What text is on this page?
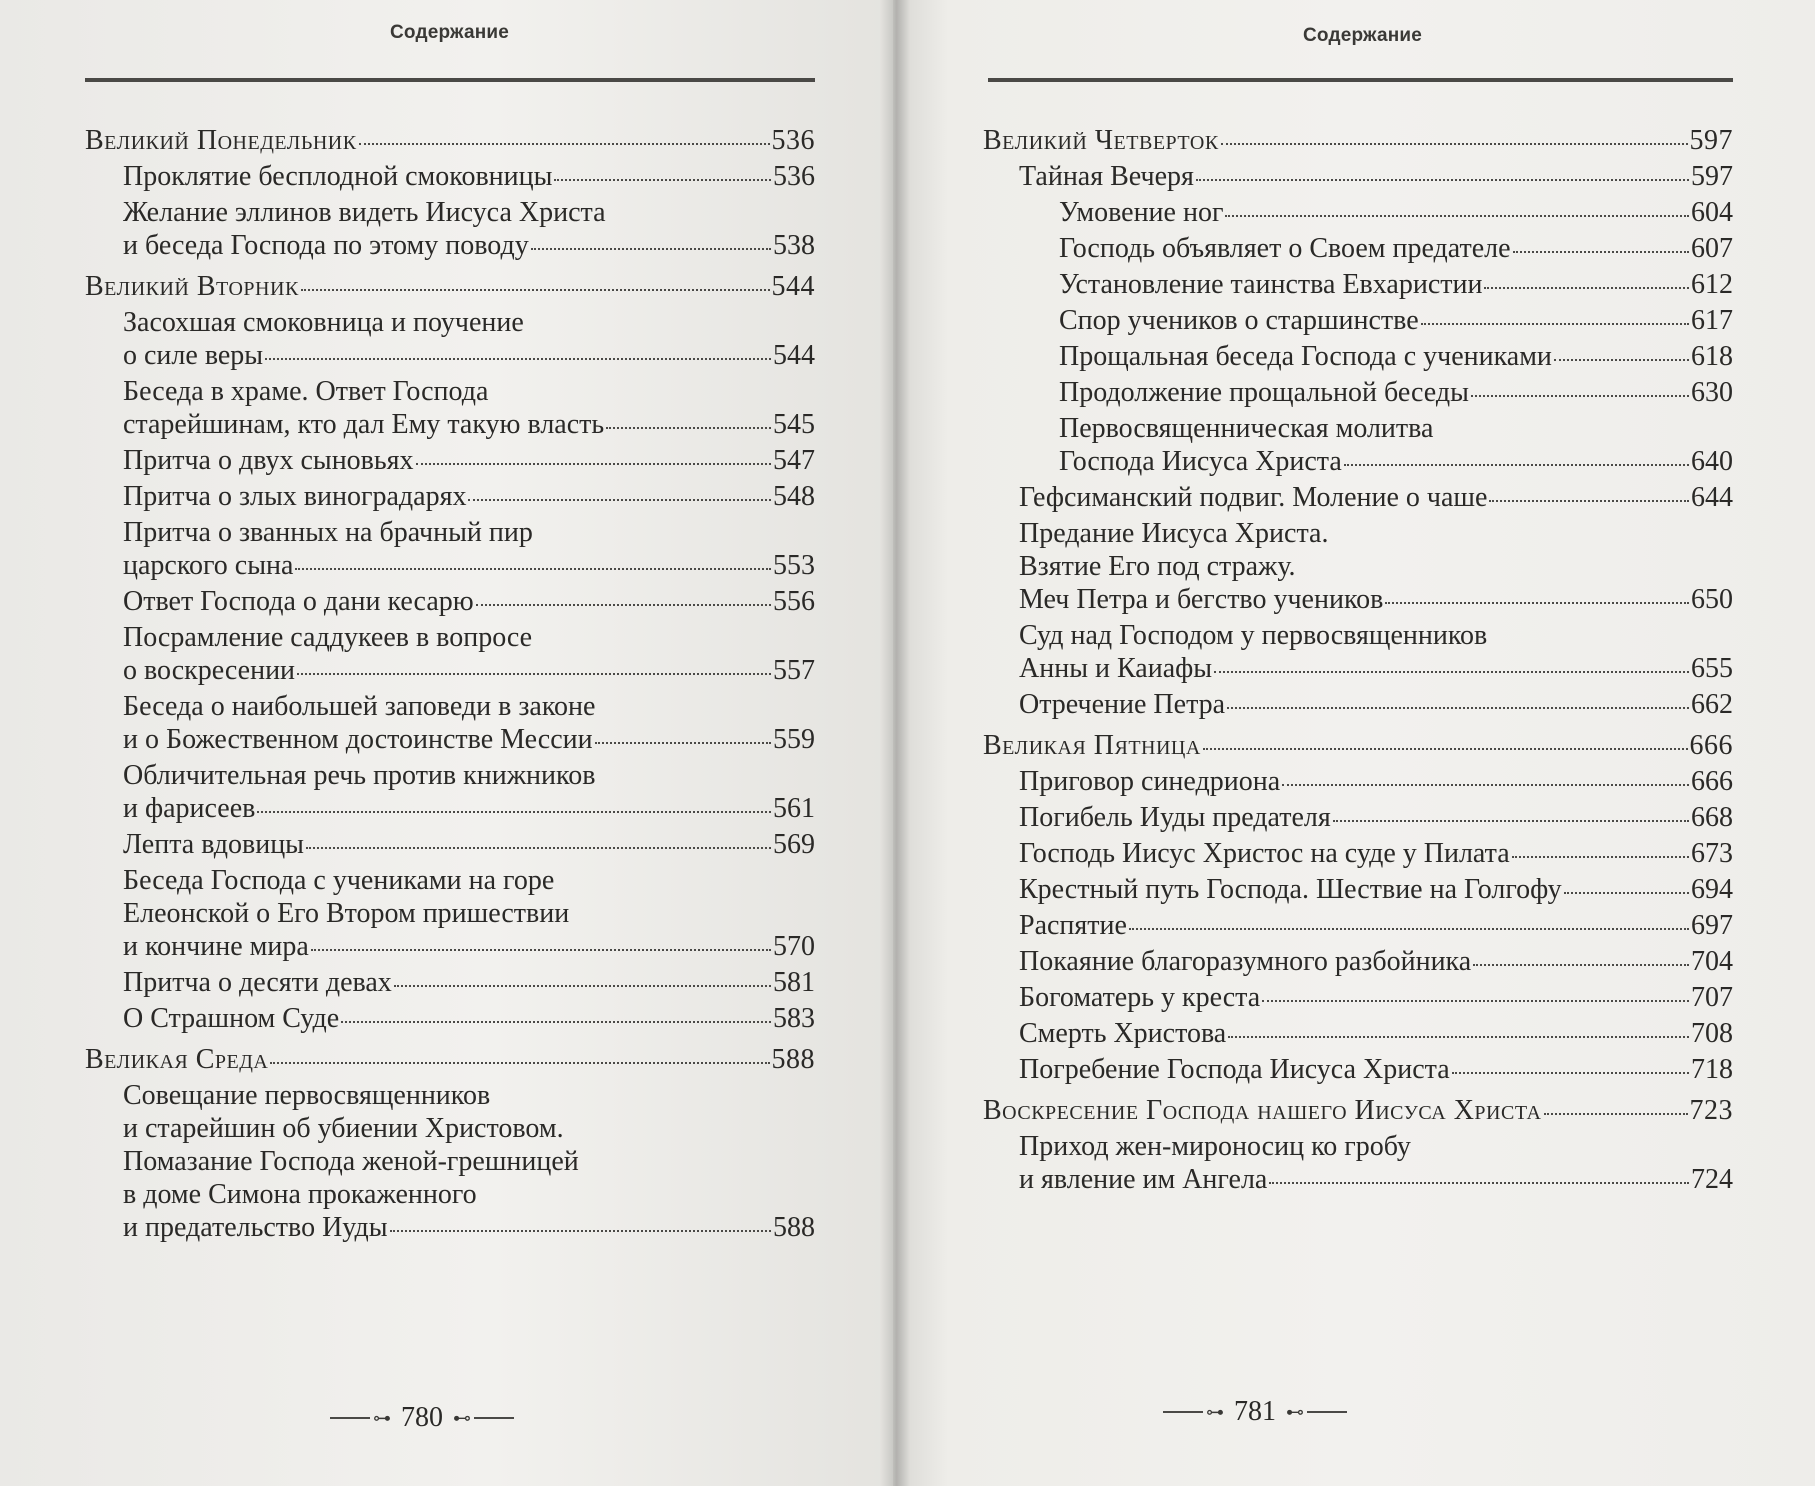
Содержание
Великий Понедельник	536
Проклятие бесплодной смоковницы	536
Желание эллинов видеть Иисуса Христа
и беседа Господа по этому поводу	538
Великий Вторник	544
Засохшая смоковница и поучение
о силе веры	544
Беседа в храме. Ответ Господа
старейшинам, кто дал Ему такую власть	545
Притча о двух сыновьях	547
Притча о злых виноградарях	548
Притча о званных на брачный пир
царского сына	553
Ответ Господа о дани кесарю	556
Посрамление саддукеев в вопросе
о воскресении	557
Беседа о наибольшей заповеди в законе
и о Божественном достоинстве Мессии	559
Обличительная речь против книжников
и фарисеев	561
Лепта вдовицы	569
Беседа Господа с учениками на горе
Елеонской о Его Втором пришествии
и кончине мира	570
Притча о десяти девах	581
О Страшном Суде	583
Великая Среда	588
Совещание первосвященников
и старейшин об убиении Христовом.
Помазание Господа женой-грешницей
в доме Симона прокаженного
и предательство Иуды	588
⊶ 780 ⊷
Содержание
Великий Четверток	597
Тайная Вечеря	597
Умовение ног	604
Господь объявляет о Своем предателе	607
Установление таинства Евхаристии	612
Спор учеников о старшинстве	617
Прощальная беседа Господа с учениками	618
Продолжение прощальной беседы	630
Первосвященническая молитва
Господа Иисуса Христа	640
Гефсиманский подвиг. Моление о чаше	644
Предание Иисуса Христа.
Взятие Его под стражу.
Меч Петра и бегство учеников	650
Суд над Господом у первосвященников
Анны и Каиафы	655
Отречение Петра	662
Великая Пятница	666
Приговор синедриона	666
Погибель Иуды предателя	668
Господь Иисус Христос на суде у Пилата	673
Крестный путь Господа. Шествие на Голгофу	694
Распятие	697
Покаяние благоразумного разбойника	704
Богоматерь у креста	707
Смерть Христова	708
Погребение Господа Иисуса Христа	718
Воскресение Господа нашего Иисуса Христа	723
Приход жен-мироносиц ко гробу
и явление им Ангела	724
⊶ 781 ⊷
